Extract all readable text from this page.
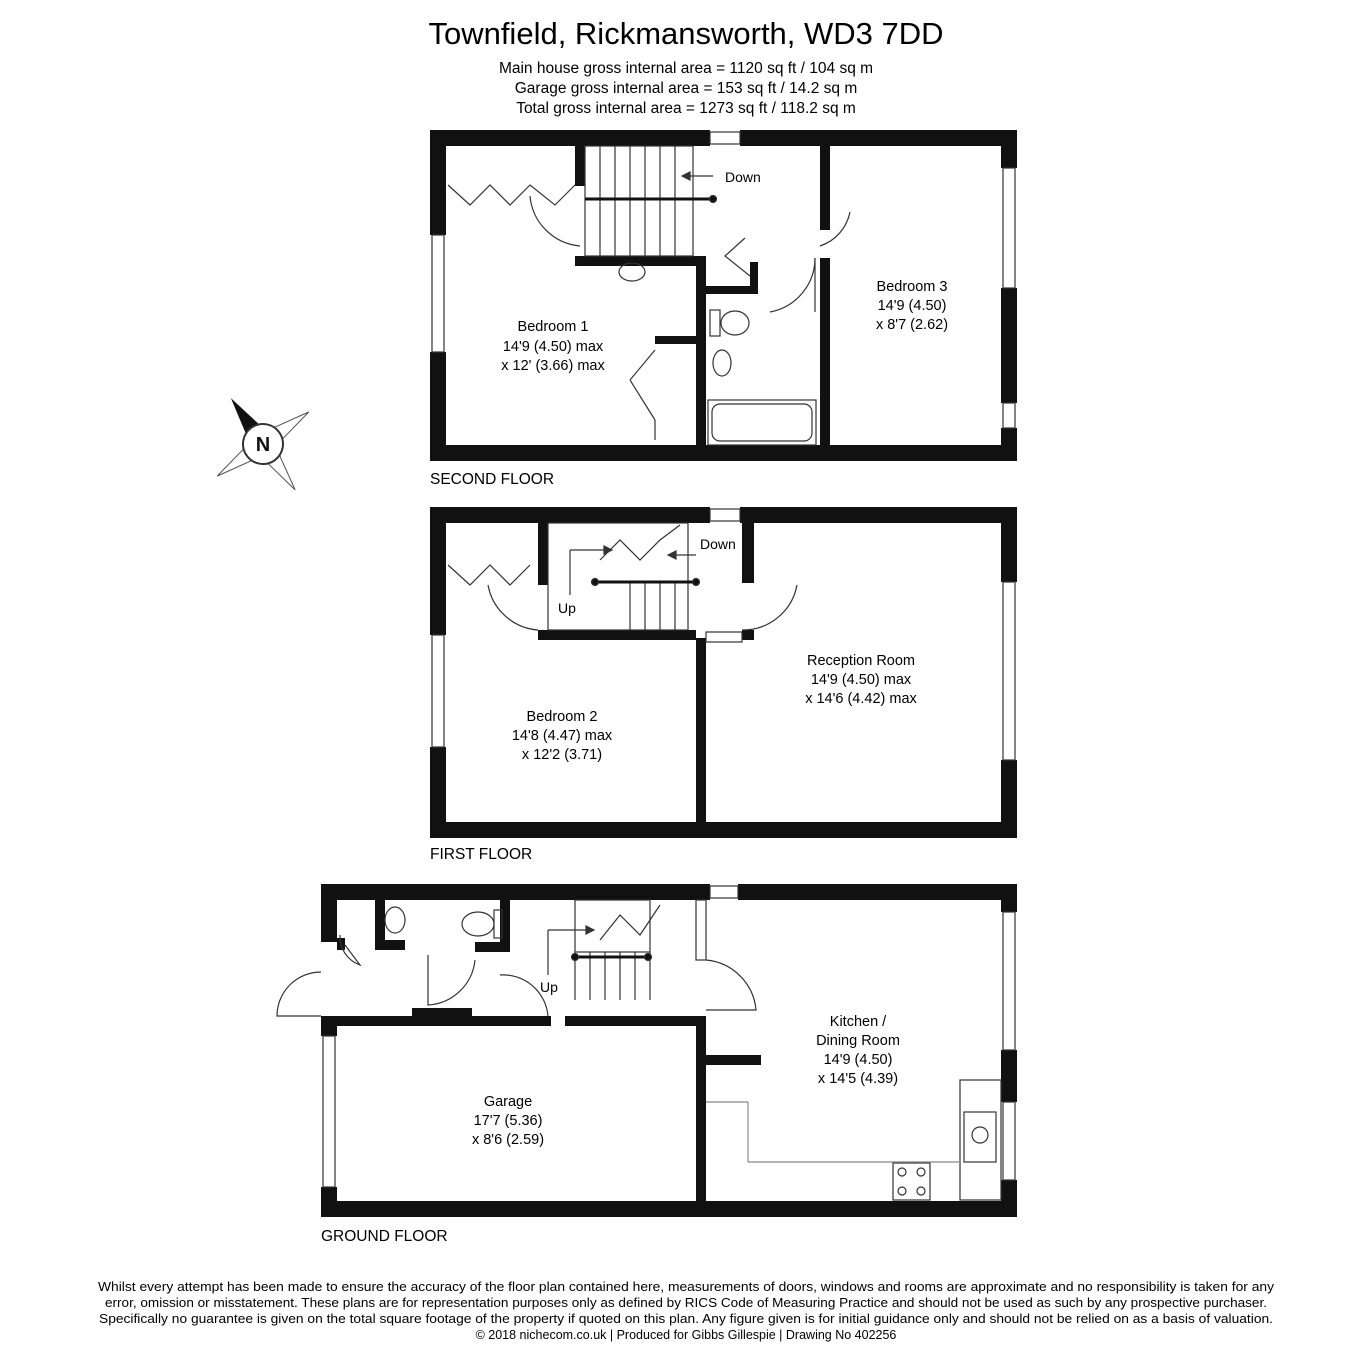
Townfield, Rickmansworth, WD3 7DD
Main house gross internal area = 1120 sq ft / 104 sq m
Garage gross internal area = 153 sq ft / 14.2 sq m
Total gross internal area = 1273 sq ft / 118.2 sq m
N
Bedroom 1
14'9 (4.50) max
x 12' (3.66) max
Bedroom 3
14'9 (4.50)
x 8'7 (2.62)
Down
SECOND FLOOR
Bedroom 2
14'8 (4.47) max
x 12'2 (3.71)
Reception Room
14'9 (4.50) max
x 14'6 (4.42) max
Down
Up
FIRST FLOOR
Garage
17'7 (5.36)
x 8'6 (2.59)
Kitchen /
Dining Room
14'9 (4.50)
x 14'5 (4.39)
Up
GROUND FLOOR
Whilst every attempt has been made to ensure the accuracy of the floor plan contained here, measurements of doors, windows and rooms are approximate and no responsibility is taken for any
error, omission or misstatement. These plans are for representation purposes only as defined by RICS Code of Measuring Practice and should not be used as such by any prospective purchaser.
Specifically no guarantee is given on the total square footage of the property if quoted on this plan. Any figure given is for initial guidance only and should not be relied on as a basis of valuation.
© 2018 nichecom.co.uk | Produced for Gibbs Gillespie | Drawing No 402256
